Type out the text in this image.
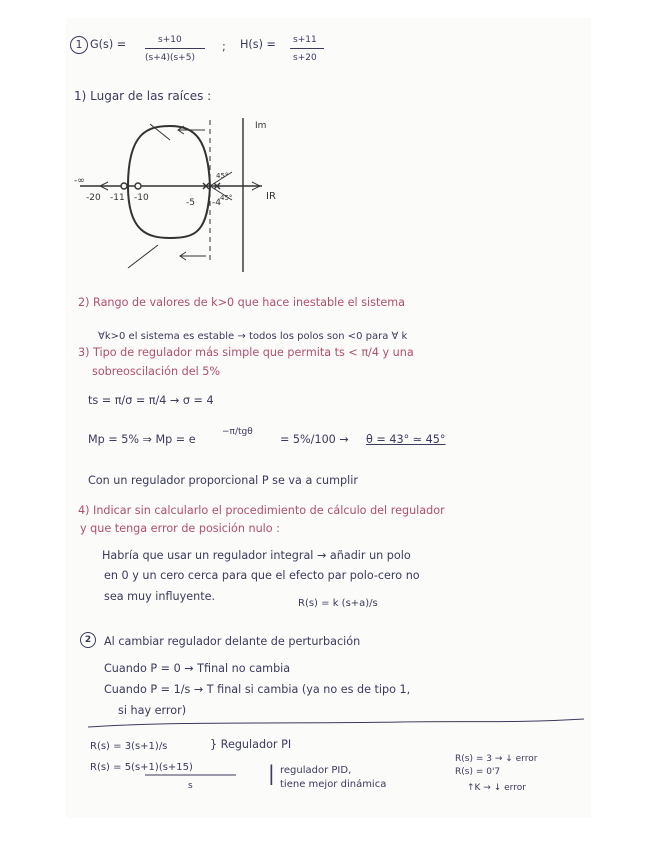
1 G(s) =	s+10
(s+4)(s+5)
; H(s) = s+11
s+20
1) Lugar de las raíces :
Im
IR
-∞
-20 -11 -10	-5 -4
45°
45°
2) Rango de valores de k>0 que hace inestable el sistema
∀k>0 el sistema es estable → todos los polos son <0 para ∀ k
3) Tipo de regulador más simple que permita ts < π/4 y una
sobreoscilación del 5%
ts = π/σ = π/4 → σ = 4
Mp = 5% ⇒ Mp = e
−π/tgθ
= 5%/100 → θ = 43° ≃ 45°
Con un regulador proporcional P se va a cumplir
4) Indicar sin calcularlo el procedimiento de cálculo del regulador
y que tenga error de posición nulo :
Habría que usar un regulador integral → añadir un polo
en 0 y un cero cerca para que el efecto par polo-cero no
sea muy influyente.
R(s) = k (s+a)/s
2	Al cambiar regulador delante de perturbación
Cuando P = 0 → Tfinal no cambia
Cuando P = 1/s → T final si cambia (ya no es de tipo 1,
si hay error)
R(s) = 3(s+1)/s	} Regulador PI
R(s) = 5(s+1)(s+15)
s
| regulador PID,
tiene mejor dinámica
R(s) = 3 → ↓ error
R(s) = 0'7
↑K → ↓ error
